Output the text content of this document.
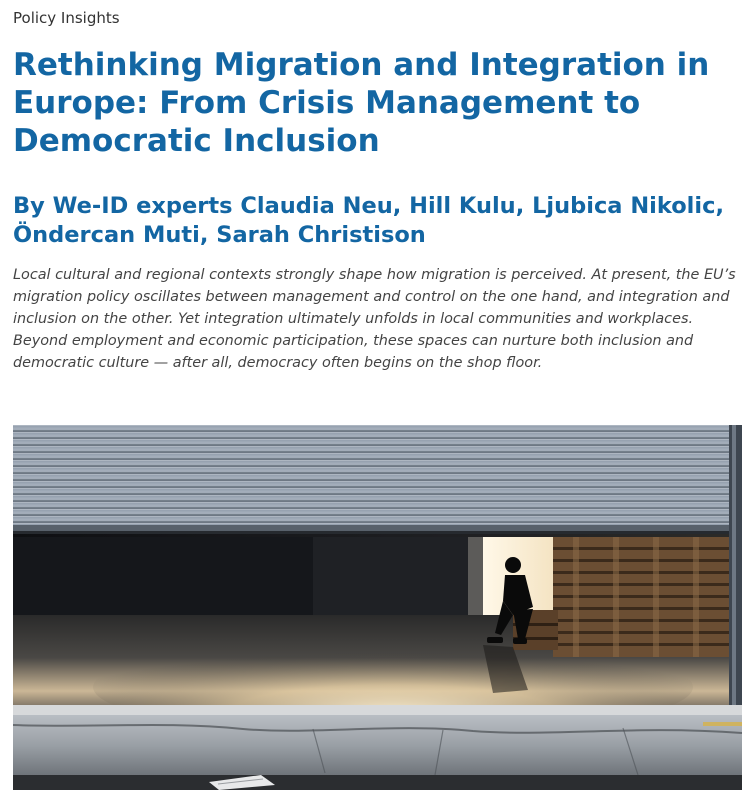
Policy Insights
Rethinking Migration and Integration in Europe: From Crisis Management to Democratic Inclusion
By We-ID experts Claudia Neu, Hill Kulu, Ljubica Nikolic, Öndercan Muti, Sarah Christison

Local cultural and regional contexts strongly shape how migration is perceived. At present, the EU’s migration policy oscillates between management and control on the one hand, and integration and inclusion on the other. Yet integration ultimately unfolds in local communities and workplaces. Beyond employment and economic participation, these spaces can nurture both inclusion and democratic culture — after all, democracy often begins on the shop floor.
